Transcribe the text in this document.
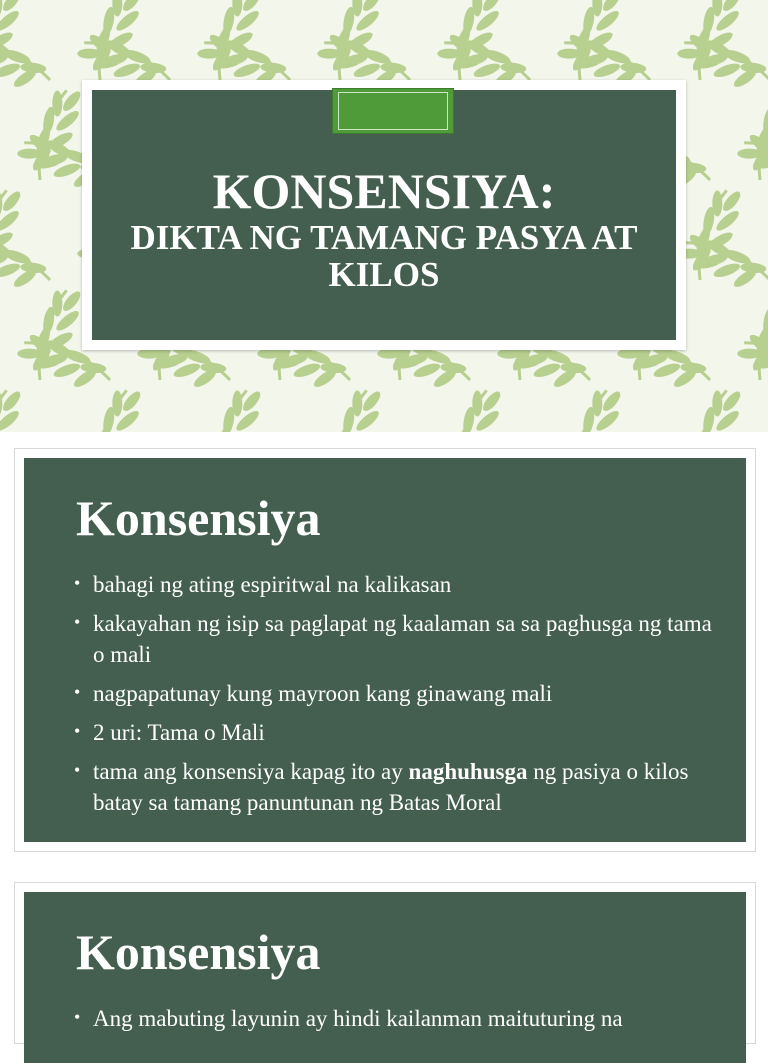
KONSENSIYA:
DIKTA NG TAMANG PASYA AT KILOS
Konsensiya
• bahagi ng ating espiritwal na kalikasan
• kakayahan ng isip sa paglapat ng kaalaman sa sa paghusga ng tama o mali
• nagpapatunay kung mayroon kang ginawang mali
• 2 uri: Tama o Mali
• tama ang konsensiya kapag ito ay naghuhusga ng pasiya o kilos batay sa tamang panuntunan ng Batas Moral
Konsensiya
• Ang mabuting layunin ay hindi kailanman maituturing na
